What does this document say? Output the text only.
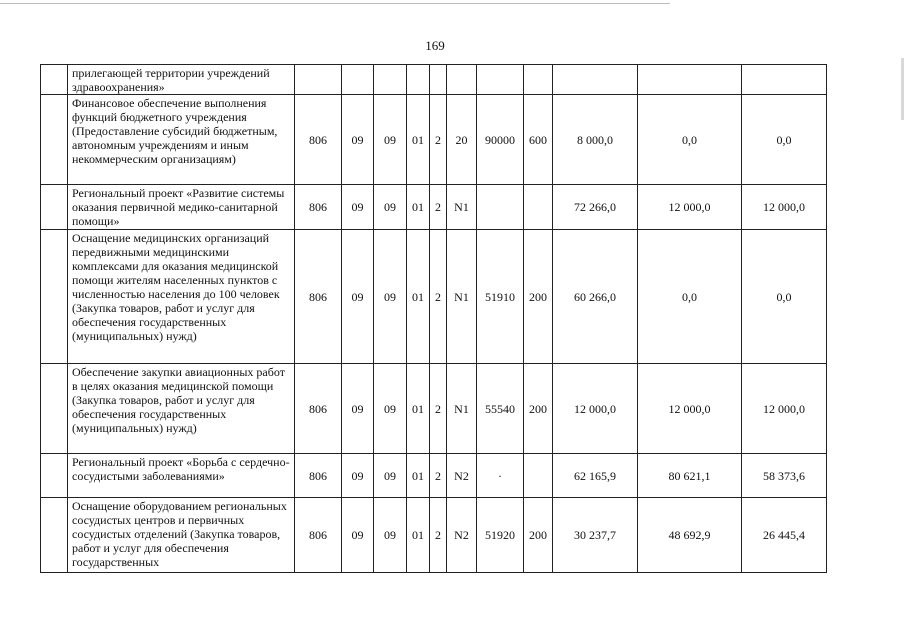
169
	прилегающей территории учреждений здравоохранения»											
	Финансовое обеспечение выполнения функций бюджетного учреждения (Предоставление субсидий бюджетным, автономным учреждениям и иным некоммерческим организациям)	806	09	09	01	2	20	90000	600	8 000,0	0,0	0,0
	Региональный проект «Развитие системы оказания первичной медико-санитарной помощи»	806	09	09	01	2	N1			72 266,0	12 000,0	12 000,0
	Оснащение медицинских организаций передвижными медицинскими комплексами для оказания медицинской помощи жителям населенных пунктов с численностью населения до 100 человек (Закупка товаров, работ и услуг для обеспечения государственных (муниципальных) нужд)	806	09	09	01	2	N1	51910	200	60 266,0	0,0	0,0
	Обеспечение закупки авиационных работ в целях оказания медицинской помощи (Закупка товаров, работ и услуг для обеспечения государственных (муниципальных) нужд)	806	09	09	01	2	N1	55540	200	12 000,0	12 000,0	12 000,0
	Региональный проект «Борьба с сердечно-сосудистыми заболеваниями»	806	09	09	01	2	N2	·		62 165,9	80 621,1	58 373,6
	Оснащение оборудованием региональных сосудистых центров и первичных сосудистых отделений (Закупка товаров, работ и услуг для обеспечения государственных	806	09	09	01	2	N2	51920	200	30 237,7	48 692,9	26 445,4
